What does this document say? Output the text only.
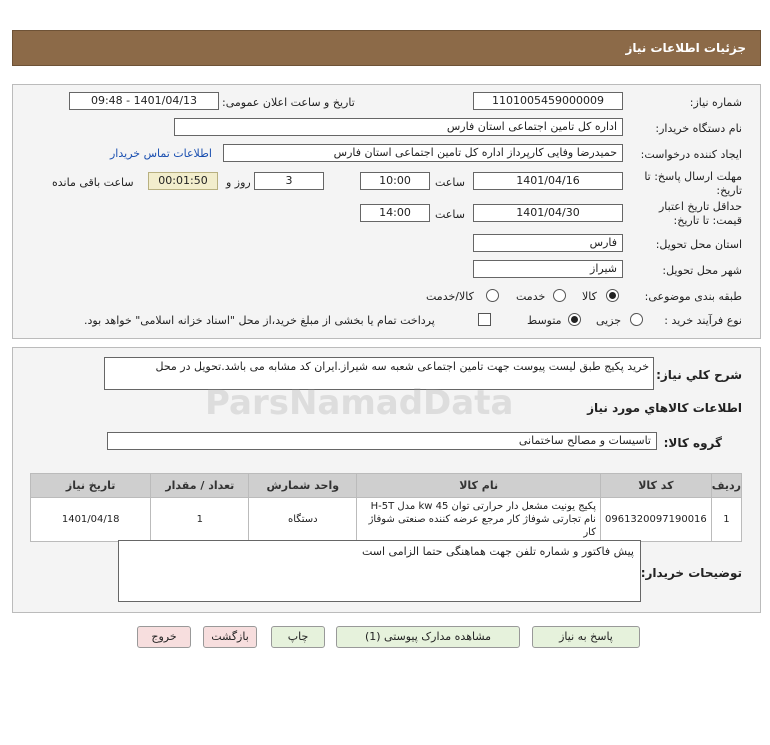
جزئیات اطلاعات نیاز
شماره نیاز:
1101005459000009
تاریخ و ساعت اعلان عمومی:
1401/04/13 - 09:48
نام دستگاه خریدار:
اداره کل تامین اجتماعی استان فارس
ایجاد کننده درخواست:
حمیدرضا وفایی کارپرداز اداره کل تامین اجتماعی استان فارس
اطلاعات تماس خریدار
مهلت ارسال پاسخ: تا
تاریخ:
1401/04/16
ساعت
10:00
3
روز و
00:01:50
ساعت باقی مانده
حداقل تاریخ اعتبار
قیمت: تا تاریخ:
1401/04/30
ساعت
14:00
استان محل تحویل:
فارس
شهر محل تحویل:
شیراز
طبقه بندی موضوعی:
کالا
خدمت
کالا/خدمت
نوع فرآیند خرید :
جزیی
متوسط
پرداخت تمام یا بخشی از مبلغ خرید،از محل "اسناد خزانه اسلامی" خواهد بود.
شرح کلي نياز:
خرید پکیج طبق لیست پیوست جهت تامین اجتماعی شعبه سه شیراز.ایران کد مشابه می باشد.تحویل در محل
ParsNamadData	اطلاعات کالاهاي مورد نياز
گروه کالا:
تاسیسات و مصالح ساختمانی
ردیف	کد کالا	نام کالا	واحد شمارش	تعداد / مقدار	تاریخ نیاز
1	0961320097190016	پکیج یونیت مشعل دار حرارتی توان kw 45 مدل H-5T نام تجارتی شوفاژ کار مرجع عرضه کننده صنعتی شوفاژ کار	دستگاه	1	1401/04/18
توضیحات خریدار:
پیش فاکتور و شماره تلفن جهت هماهنگی حتما الزامی است
پاسخ به نیاز
مشاهده مدارک پیوستی (1)
چاپ
بازگشت
خروج
